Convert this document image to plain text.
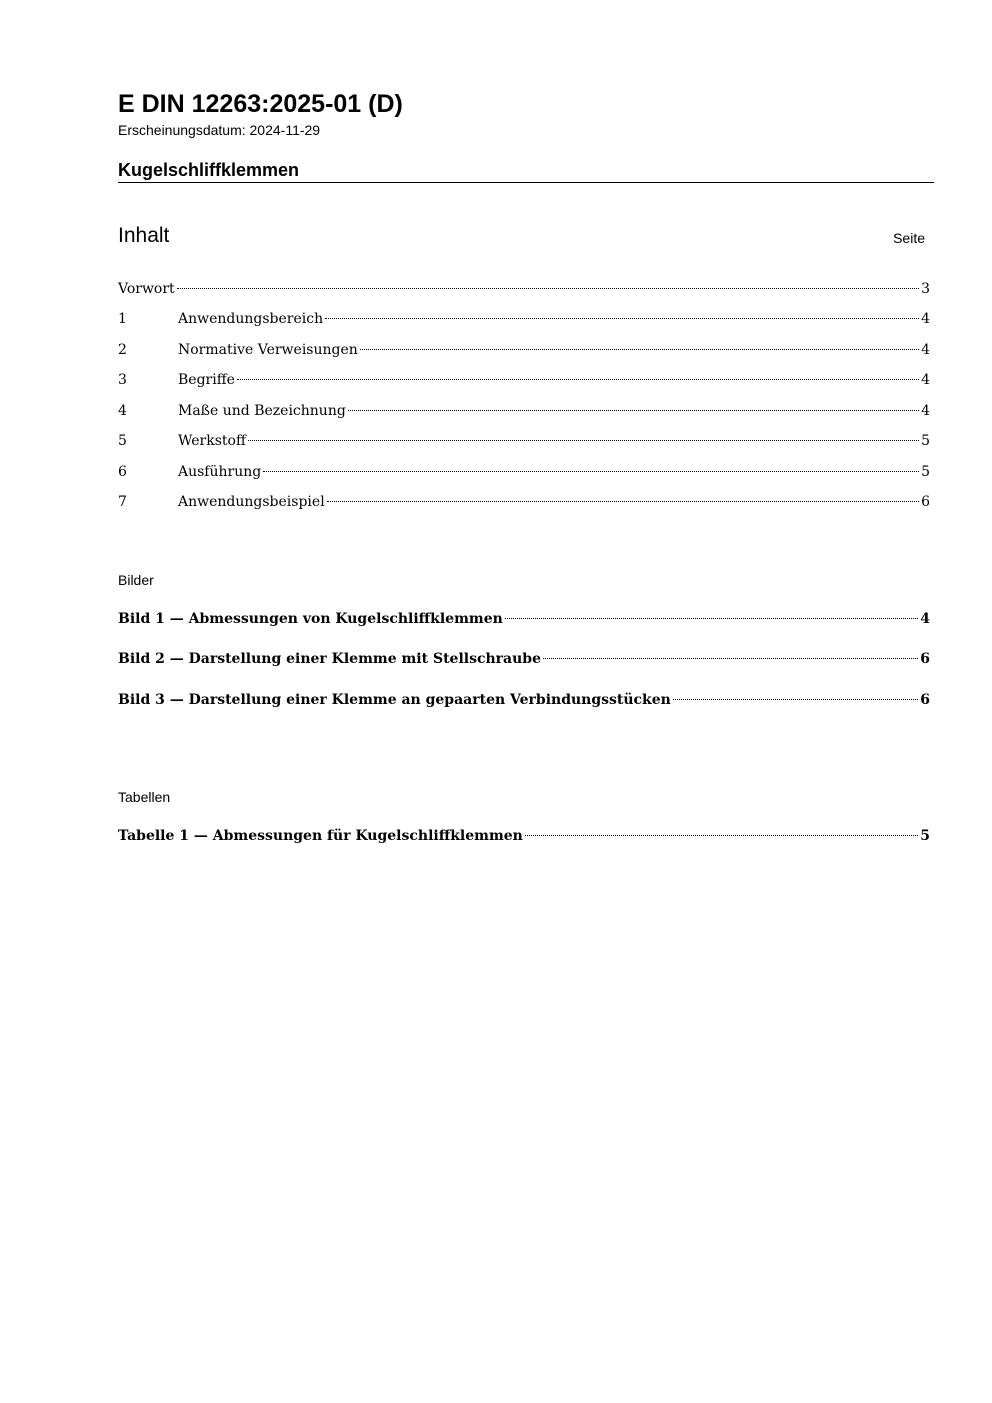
E DIN 12263:2025-01 (D)
Erscheinungsdatum: 2024-11-29
Kugelschliffklemmen
Inhalt	Seite
Vorwort	3
1	Anwendungsbereich	4
2	Normative Verweisungen	4
3	Begriffe	4
4	Maße und Bezeichnung	4
5	Werkstoff	5
6	Ausführung	5
7	Anwendungsbeispiel	6
Bilder
Bild 1 — Abmessungen von Kugelschliffklemmen	4
Bild 2 — Darstellung einer Klemme mit Stellschraube	6
Bild 3 — Darstellung einer Klemme an gepaarten Verbindungsstücken	6
Tabellen
Tabelle 1 — Abmessungen für Kugelschliffklemmen	5
